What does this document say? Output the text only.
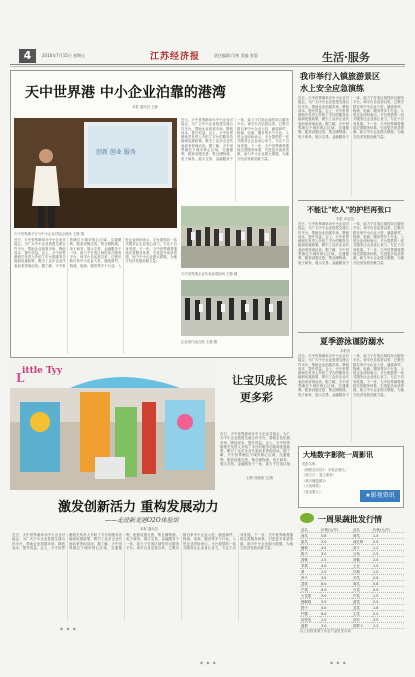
4	2016年7月15日 星期五	江苏经济报	责任编辑 闫伟 美编 张恩	生活·服务
天中世界港 中小企业泊靠的港湾
本报 通讯员 王静
创新 创业 服务
天中世界港平台与中小企业对接会现场 王静 摄
近日，天中世界港举办中小企业对接会，为广大中小企业搭建交流合作平台，帮助企业拓展市场、降低成本、提升效益。会上，天中世界港相关负责人介绍了平台的服务功能和优惠政策，吸引了众多企业代表前来咨询洽谈。据了解，天中世界港位于城市核心区域，交通便利，配套设施完善，集仓储物流、电子商务、展示交易、金融服务于一体，致力于打造区域性综合服务平台。该平台自运营以来，已吸引数百家中小企业入驻，涵盖商贸、物流、电商、服务等多个行业。入驻企业纷纷表示，平台提供的一站式服务让企业省心省力，专注于自身发展。下一步，天中世界港将继续完善服务体系，引进更多优质资源，助力中小企业做大做强，为地方经济发展贡献力量。
天中世界港企业代表参观现场 王静 摄
企业家代表合影 王静 摄
近日，天中世界港举办中小企业对接会，为广大中小企业搭建交流合作平台，帮助企业拓展市场、降低成本、提升效益。会上，天中世界港相关负责人介绍了平台的服务功能和优惠政策，吸引了众多企业代表前来咨询洽谈。据了解，天中世界港位于城市核心区域，交通便利，配套设施完善，集仓储物流、电子商务、展示交易、金融服务于一体，致力于打造区域性综合服务平台。该平台自运营以来，已吸引数百家中小企业入驻，涵盖商贸、物流、电商、服务等多个行业。入驻企业纷纷表示，平台提供的一站式服务让企业省心省力，专注于自身发展。下一步，天中世界港将继续完善服务体系，引进更多优质资源，助力中小企业做大做强，为地方经济发展贡献力量。
L
ittle Tyy
让宝贝成长
更多彩
近日，天中世界港举办中小企业对接会，为广大中小企业搭建交流合作平台，帮助企业拓展市场、降低成本、提升效益。会上，天中世界港相关负责人介绍了平台的服务功能和优惠政策，吸引了众多企业代表前来咨询洽谈。据了解，天中世界港位于城市核心区域，交通便利，配套设施完善，集仓储物流、电子商务、展示交易、金融服务于一体，致力于打造区域
王静 刘晓燕 文/图
激发创新活力 重构发展动力
——走进新龙港O2O体验馆
本报 通讯员
近日，天中世界港举办中小企业对接会，为广大中小企业搭建交流合作平台，帮助企业拓展市场、降低成本、提升效益。会上，天中世界港相关负责人介绍了平台的服务功能和优惠政策，吸引了众多企业代表前来咨询洽谈。据了解，天中世界港位于城市核心区域，交通便利，配套设施完善，集仓储物流、电子商务、展示交易、金融服务于一体，致力于打造区域性综合服务平台。该平台自运营以来，已吸引数百家中小企业入驻，涵盖商贸、物流、电商、服务等多个行业。入驻企业纷纷表示，平台提供的一站式服务让企业省心省力，专注于自身发展。下一步，天中世界港将继续完善服务体系，引进更多优质资源，助力中小企业做大做强，为地方经济发展贡献力量。
◆ ◆ ◆
我市举行入镇旅游景区
水上安全应急演练
近日，天中世界港举办中小企业对接会，为广大中小企业搭建交流合作平台，帮助企业拓展市场、降低成本、提升效益。会上，天中世界港相关负责人介绍了平台的服务功能和优惠政策，吸引了众多企业代表前来咨询洽谈。据了解，天中世界港位于城市核心区域，交通便利，配套设施完善，集仓储物流、电子商务、展示交易、金融服务于一体，致力于打造区域性综合服务平台。该平台自运营以来，已吸引数百家中小企业入驻，涵盖商贸、物流、电商、服务等多个行业。入驻企业纷纷表示，平台提供的一站式服务让企业省心省力，专注于自身发展。下一步，天中世界港将继续完善服务体系，引进更多优质资源，助力中小企业做大做强，为地方经济发展贡献力量。
不能让"吃人"的护栏再张口
本报 评论员
近日，天中世界港举办中小企业对接会，为广大中小企业搭建交流合作平台，帮助企业拓展市场、降低成本、提升效益。会上，天中世界港相关负责人介绍了平台的服务功能和优惠政策，吸引了众多企业代表前来咨询洽谈。据了解，天中世界港位于城市核心区域，交通便利，配套设施完善，集仓储物流、电子商务、展示交易、金融服务于一体，致力于打造区域性综合服务平台。该平台自运营以来，已吸引数百家中小企业入驻，涵盖商贸、物流、电商、服务等多个行业。入驻企业纷纷表示，平台提供的一站式服务让企业省心省力，专注于自身发展。下一步，天中世界港将继续完善服务体系，引进更多优质资源，助力中小企业做大做强，为地方经济发展贡献力量。
夏季游泳谨防溺水
本报讯
近日，天中世界港举办中小企业对接会，为广大中小企业搭建交流合作平台，帮助企业拓展市场、降低成本、提升效益。会上，天中世界港相关负责人介绍了平台的服务功能和优惠政策，吸引了众多企业代表前来咨询洽谈。据了解，天中世界港位于城市核心区域，交通便利，配套设施完善，集仓储物流、电子商务、展示交易、金融服务于一体，致力于打造区域性综合服务平台。该平台自运营以来，已吸引数百家中小企业入驻，涵盖商贸、物流、电商、服务等多个行业。入驻企业纷纷表示，平台提供的一站式服务让企业省心省力，专注于自身发展。下一步，天中世界港将继续完善服务体系，引进更多优质资源，助力中小企业做大做强，为地方经济发展贡献力量。
大地数字影院一周影讯
电影名称
《海底总动员2：多莉去哪儿》
《独立日：卷土重来》
《惊天魔盗团2》
《大鱼海棠》
《赏金猎人》
★影视资讯
一周果蔬批发行情
品名	价格(元/斤)	品名	价格(元/斤)
西瓜	0.8	黄瓜	1.5
甜瓜	2.0	西红柿	2.0
葡萄	4.5	茄子	1.2
桃子	3.0	豆角	2.5
香蕉	2.5	青椒	2.0
苹果	4.0	土豆	1.0
梨	2.5	洋葱	1.0
李子	3.5	冬瓜	0.6
荔枝	8.0	南瓜	0.8
芒果	6.0	白菜	0.9
火龙果	5.0	芹菜	1.5
猕猴桃	5.5	菠菜	2.0
橙子	4.0	韭菜	1.8
柠檬	6.0	生菜	2.0
哈密瓜	2.5	蒜苔	3.5
菠萝	3.0	胡萝卜	1.2
以上价格来源于市农产品批发市场
◆ ◆ ◆	◆ ◆ ◆
